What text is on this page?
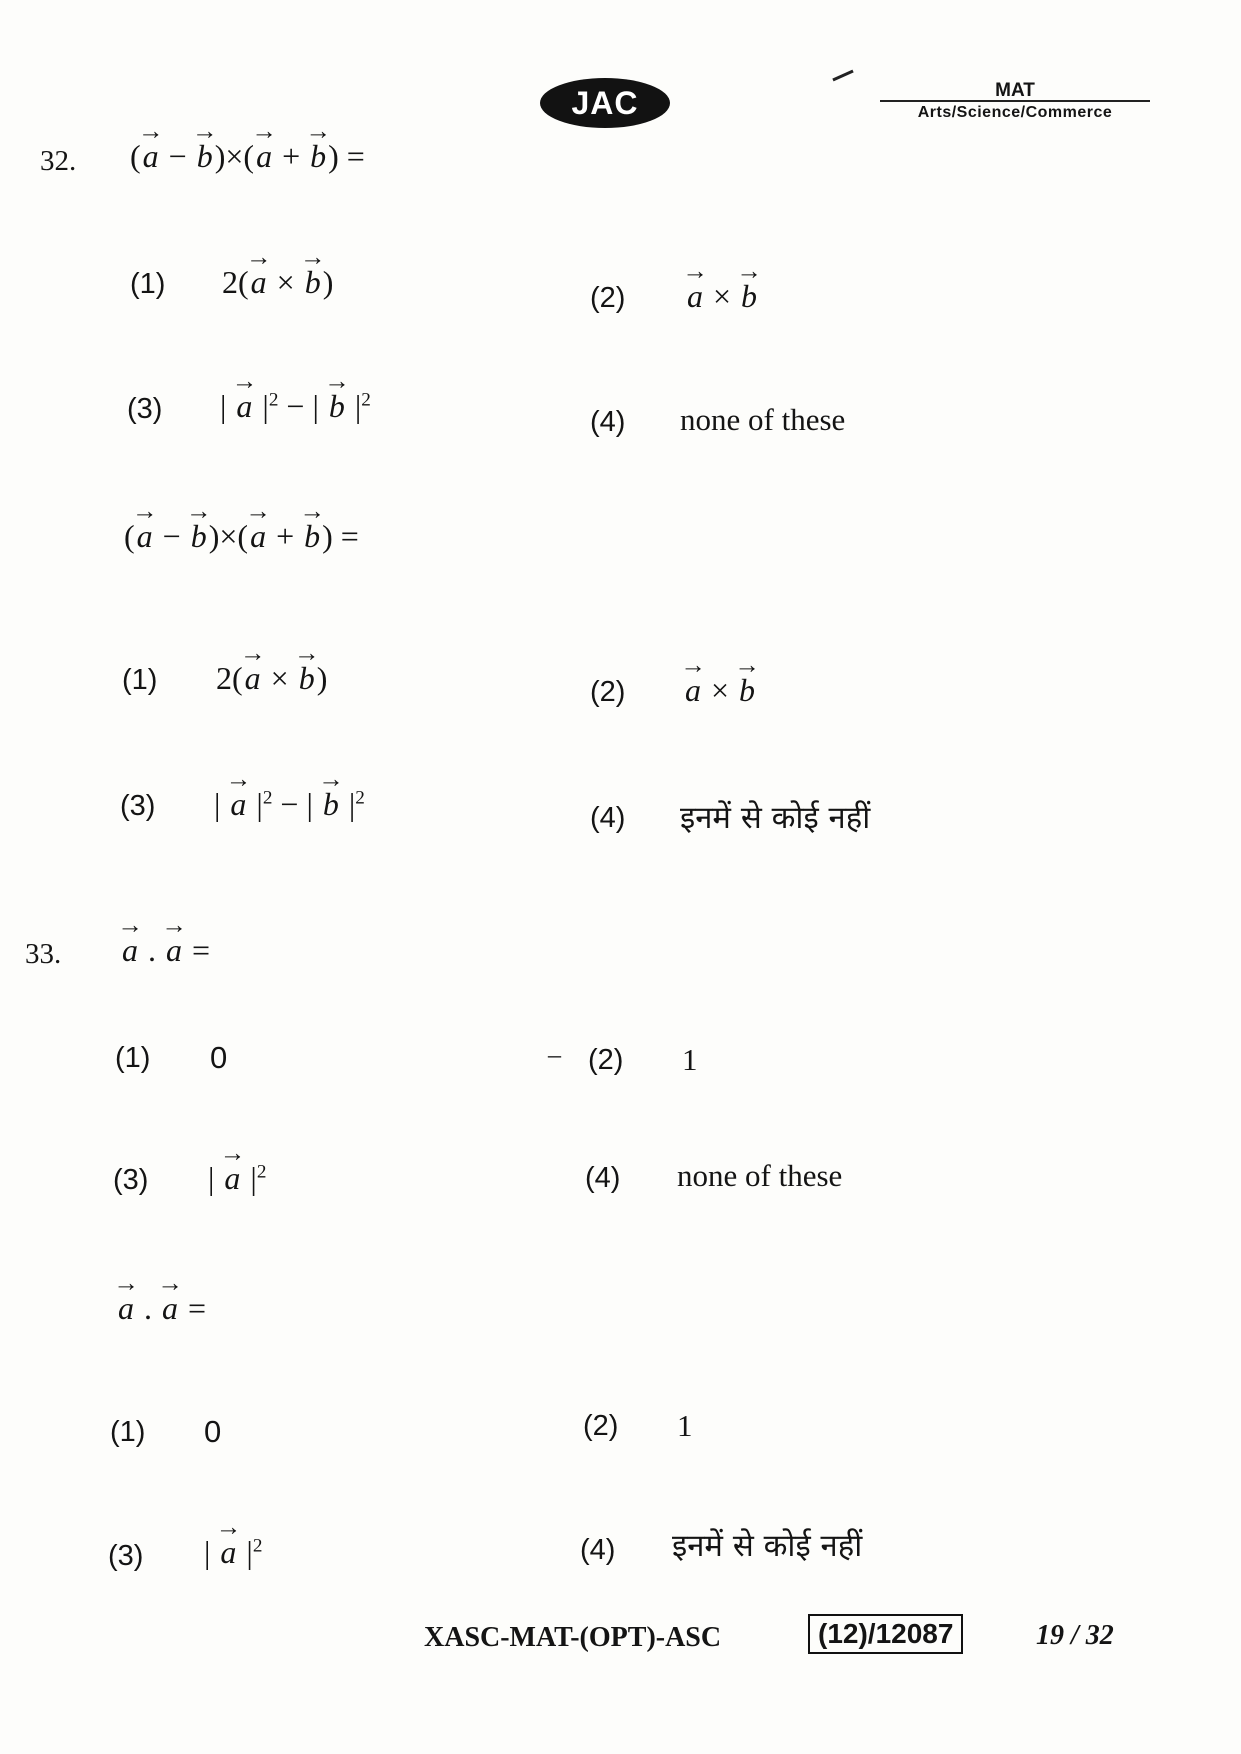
JAC	MAT
Arts/Science/Commerce
32. (→ a − → b)×(→ a + → b) =
(1) 2(→ a × → b)	(2) → a × → b
(3) | → a $|^2$ − | → b $|^2$
(4) none of these
(→ a − → b)×(→ a + → b) =
(1) 2(→ a × → b)	(2) → a × → b
(3) | → a $|^2$ − | → b $|^2$
(4) इनमें से कोई नहीं
33. → a . → a =
(1) 0	– (2) 1
(3) | → a $|^2$	(4) none of these
→ a . → a =
(1) 0	(2) 1
(3) | → a $|^2$	(4) इनमें से कोई नहीं
XASC-MAT-(OPT)-ASC	(12)/12087	19 / 32
